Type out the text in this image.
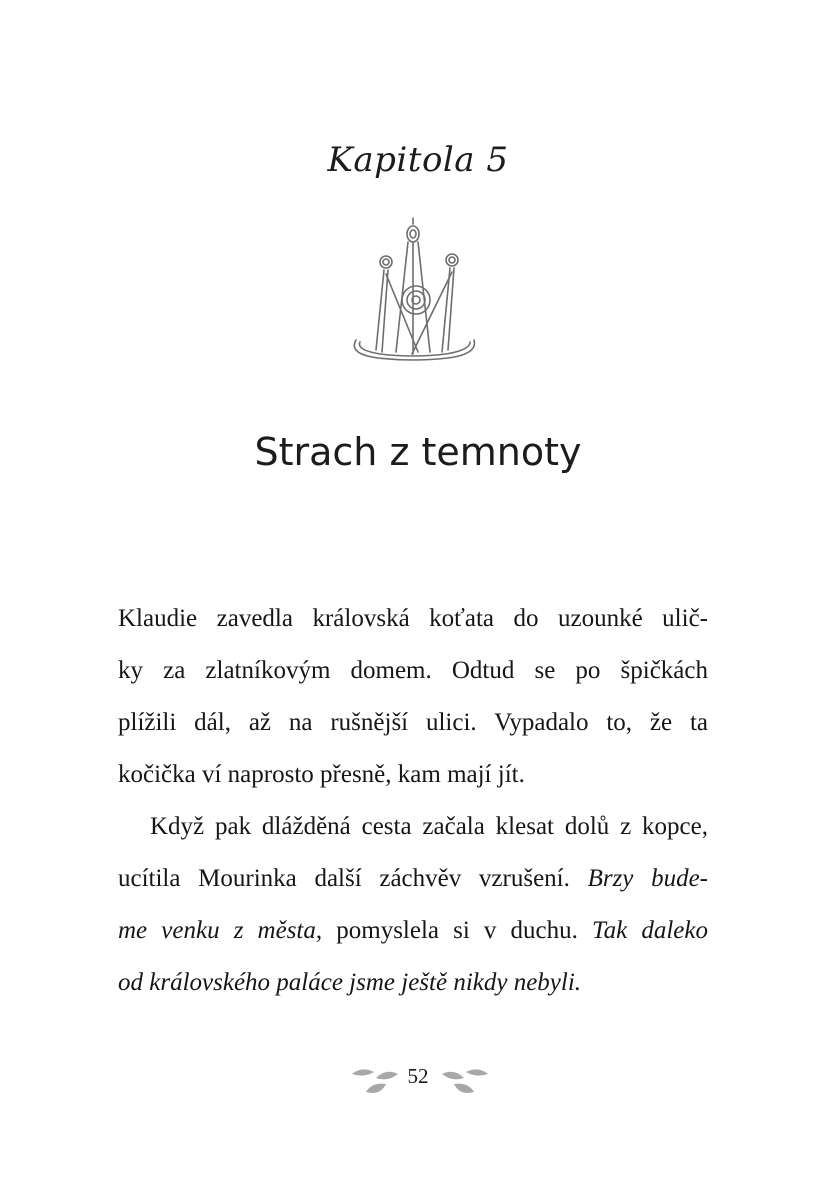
Kapitola 5
Strach z temnoty
Klaudie zavedla královská koťata do uzounké ulič-
ky za zlatníkovým domem. Odtud se po špičkách
plížili dál, až na rušnější ulici. Vypadalo to, že ta
kočička ví naprosto přesně, kam mají jít.
Když pak dlážděná cesta začala klesat dolů z kopce,
ucítila Mourinka další záchvěv vzrušení. Brzy bude-
me venku z města, pomyslela si v duchu. Tak daleko
od královského paláce jsme ještě nikdy nebyli.
52
